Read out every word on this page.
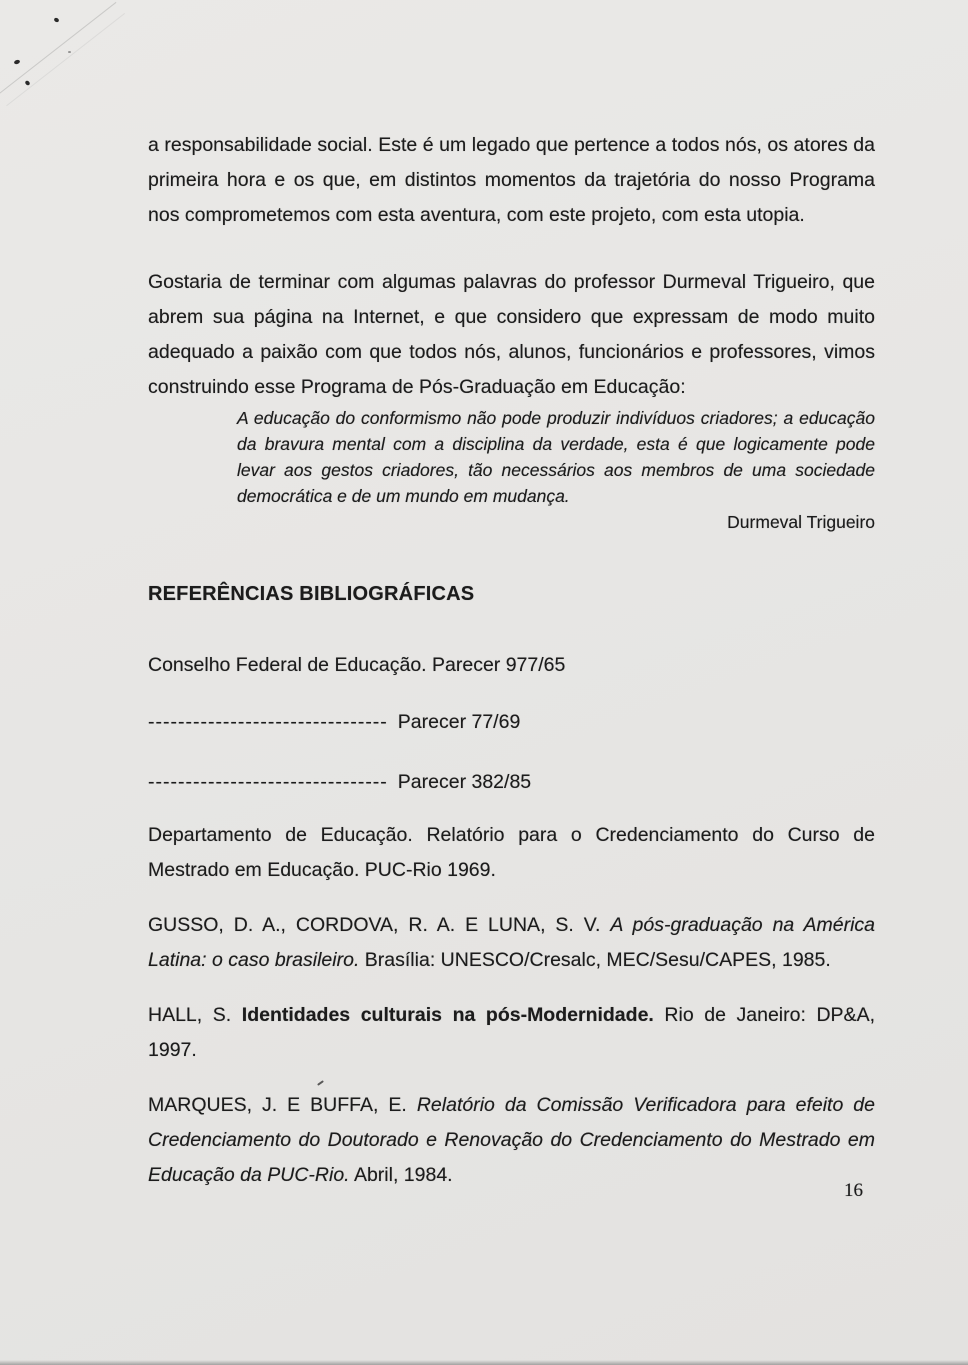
a responsabilidade social. Este é um legado que pertence a todos nós, os atores da primeira hora e os que, em distintos momentos da trajetória do nosso Programa nos comprometemos com esta aventura, com este projeto, com esta utopia.

Gostaria de terminar com algumas palavras do professor Durmeval Trigueiro, que abrem sua página na Internet, e que considero que expressam de modo muito adequado a paixão com que todos nós, alunos, funcionários e professores, vimos construindo esse Programa de Pós-Graduação em Educação:

A educação do conformismo não pode produzir indivíduos criadores; a educação da bravura mental com a disciplina da verdade, esta é que logicamente pode levar aos gestos criadores, tão necessários aos membros de uma sociedade democrática e de um mundo em mudança.

Durmeval Trigueiro

REFERÊNCIAS BIBLIOGRÁFICAS

Conselho Federal de Educação. Parecer 977/65

-------------------------------- Parecer 77/69

-------------------------------- Parecer 382/85

Departamento de Educação. Relatório para o Credenciamento do Curso de Mestrado em Educação. PUC-Rio 1969.

GUSSO, D. A., CORDOVA, R. A. E LUNA, S. V. A pós-graduação na América Latina: o caso brasileiro. Brasília: UNESCO/Cresalc, MEC/Sesu/CAPES, 1985.

HALL, S. Identidades culturais na pós-Modernidade. Rio de Janeiro: DP&A, 1997.

MARQUES, J. E BUFFA, E. Relatório da Comissão Verificadora para efeito de Credenciamento do Doutorado e Renovação do Credenciamento do Mestrado em Educação da PUC-Rio. Abril, 1984.

16
